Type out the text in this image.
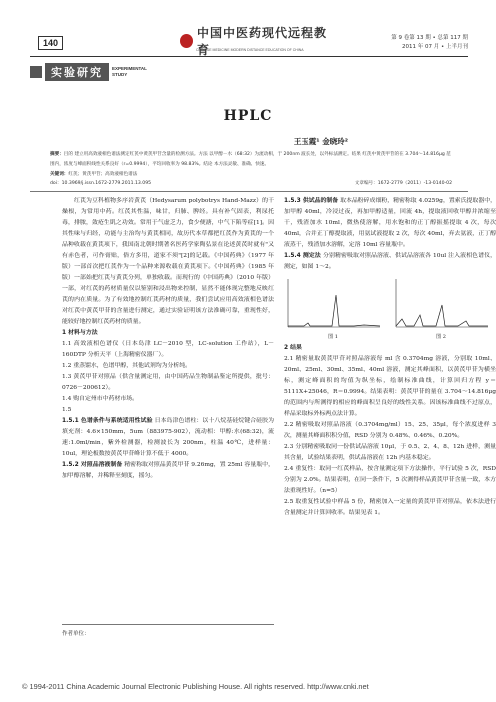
140
中国中医药现代远程教育
CHINESE MEDICINE MODERN DISTANCE EDUCATION OF CHINA
第 9 卷第 13 期 • 总第 117 期
2011 年 07 月 • 上半月刊
实验研究	EXPERIMENTAL
STUDY
HPLC
王玉霞¹ 金晓玲²
摘要：目的 建立用高效液相色谱法测定红芪中黄芪甲苷含量的检测方法。方法 以甲醇－水（68:32）为流动相，于 200nm 波长处，以外标法测定。结果 红芪中黄芪甲苷的在 3.704～14.816μg 范围内，浓度与峰面积线性关系良好（r=0.9994），平均回收率为 98.83%。结论 本方法灵敏、准确、快速。
关键词：红芪；黄芪甲苷；高效液相色谱法
doi：10.3969/j.issn.1672-2779.2011.13.095	文章编号：1672-2779（2011）-13-0140-02

红芪为豆科植物多序岩黄芪（Hedysarum polybotrys Hand-Mazz）的干燥根，为常用中药。红芪其性温，味甘，归肺、脾经。具有补气固表，利尿托毒，排脓，敛疮生肌之功效。常用于气虚乏力，食少便溏，中气下陷等症[1]。因其性味与归经，功能与主治均与黄芪相同，故历代本草都把红芪作为黄芪的一个品种收载在黄芪项下，我国南北朝时期著名医药学家陶弘景在论述黄芪时就有"又有赤色者，可作膏贴，俗方多用，道家不须"[2]的记载。《中国药典》（1977 年版）一部首次把红芪作为一个品种来源收载在黄芪项下。《中国药典》（1985 年版）一部始把红芪与黄芪分列，单独收载。而现行的《中国药典》（2010 年版）一部，对红芪的药材质量仅以鉴别和浸出物来控制，显然不能体现完整地反映红芪的内在质量。为了有效地控制红芪药材的质量，我们尝试应用高效液相色谱法对红芪中黄芪甲苷的含量进行测定，通过实验证明该方法准确可靠，重现性好，能较好地控制红芪药材的质量。

1 材料与方法

1.1 高效液相色谱仪（日本岛津 LC－2010 型，LC-solution 工作站），L－160DTP 分析天平（上海精密仪器厂）。

1.2 重蒸馏水，色谱甲醇，其他试剂均为分析纯。

1.3 黄芪甲苷对照品（供含量测定用，由中国药品生物制品鉴定所提供，批号：0726－200612）。

1.4 购自定州市中药材市场。

1.5

1.5.1 色谱条件与系统适用性试验 日本岛津色谱柱：以十八烷基硅烷键合硅胶为填充剂：4.6×150mm，5um（883975-902），流动相：甲醇:水(68:32)，流速:1.0ml/min，紫外检测器，检测波长为 200nm，柱温 40℃，进样量：10ul，理论板数按黄芪甲苷峰计算不低于 4000。

1.5.2 对照品溶液制备 精密称取对照品黄芪甲苷 9.26mg，置 25ml 容量瓶中，加甲醇溶解，并稀释至刻度，摇匀。

作者单位：

1.5.3 供试品的制备 取本品粉碎成细粉，精密称取 4.0259g，置索氏提取器中，加甲醇 40ml，冷浸过夜，再加甲醇适量，回流 4h，提取液回收甲醇并浓缩至干，残渣加水 10ml，微热使溶解，用水饱和的正丁醇振摇提取 4 次，每次 40ml，合并正丁醇提取液，用氨试液提取 2 次，每次 40ml，弃去氨液，正丁醇液蒸干，残渣加水溶解，定溶 10ml 容量瓶中。

1.5.4 测定法 分别精密吸取对照品溶液、供试品溶液各 10ul 注入液相色谱仪，测定，如图 1～2。

图 1	图 2

2 结果

2.1 精密量取黄芪甲苷对照品溶液每 ml 含 0.3704mg 溶液，分别取 10ml、20ml、25ml、30ml、35ml、40ml 溶液，测定其峰面积，以黄芪甲苷为横坐标，测定峰面积的均值为纵坐标，绘制标准曲线，计算回归方程 y＝5111X+25046，R＝0.9994。结果表明：黄芪甲苷的量在 3.704～14.816μg 的范围内与所测得的相应的峰面积呈良好的线性关系。因该标准曲线不过原点，样品采取标外标两点法计算。

2.2 精密吸取对照品溶液（0.3704mg/ml）15、25、35μl，每个浓度进样 3 次，测量其峰面积积分值，RSD 分别为 0.48%、0.46%、0.20%。

2.3 分别精密吸取同一份供试品溶液 10μl，于 0.5、2、4、8、12h 进样，测量其含量，试验结果表明，供试品溶液在 12h 内基本稳定。

2.4 重复性：取同一红芪样品，按含量测定项下方法操作，平行试验 5 次，RSD 分别为 2.0%。结果表明，在同一条件下，5 次测得样品黄芪甲苷含量一致，本方法重现性好。（n=5）

2.5 取重复性试验中样品 5 份，精密加入一定量的黄芪甲苷对照品，依本法进行含量测定并计算回收率。结果见表 1。

© 1994-2011 China Academic Journal Electronic Publishing House. All rights reserved. http://www.cnki.net
